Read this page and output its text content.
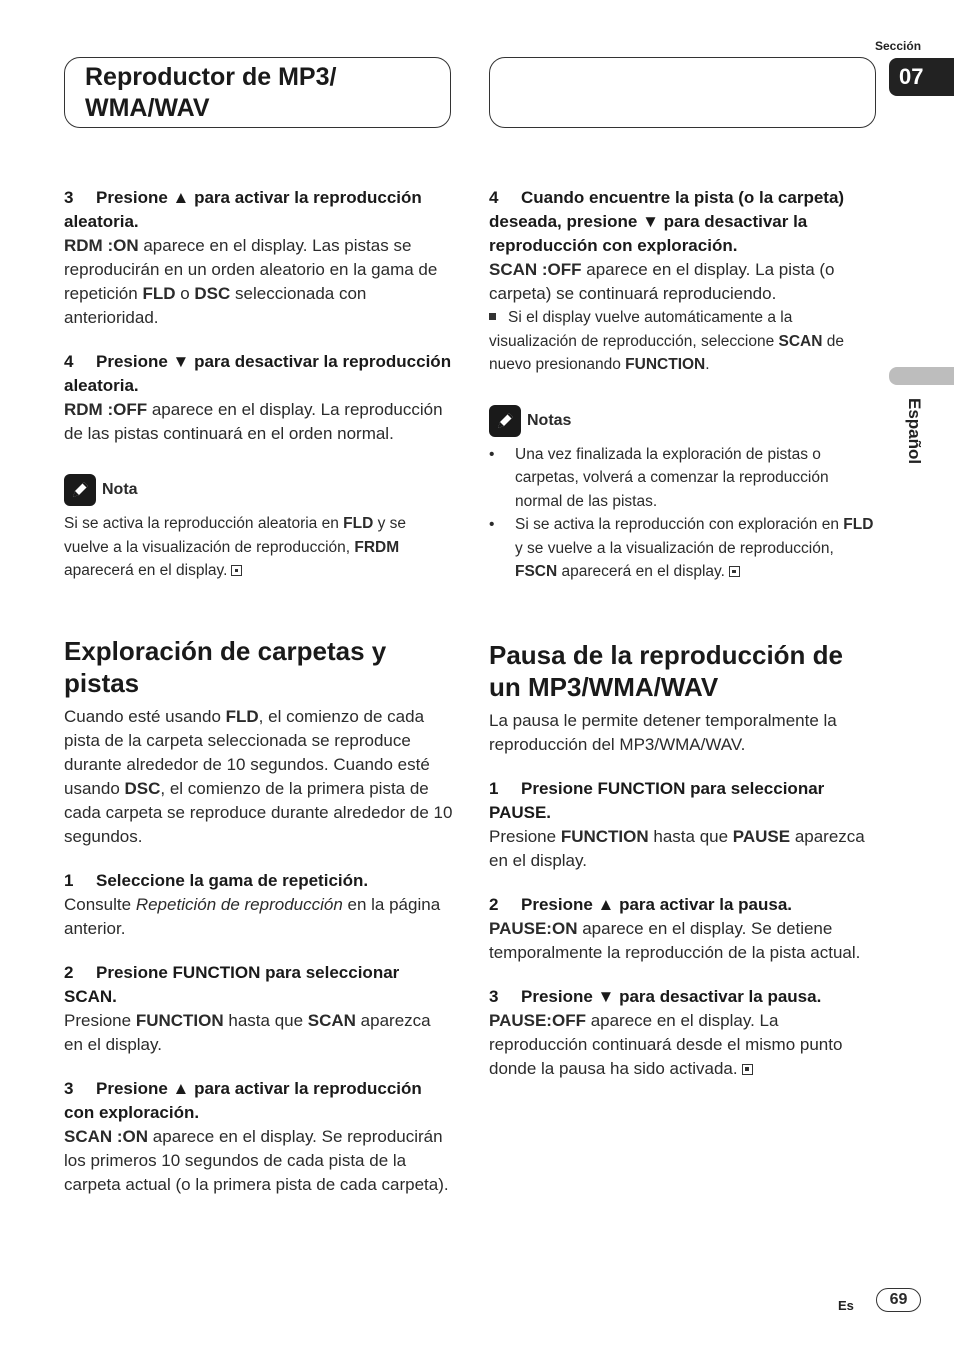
Reproductor de MP3/
WMA/WAV
Sección
07
Español
3 Presione ▲ para activar la reproducción aleatoria.

RDM :ON aparece en el display. Las pistas se reproducirán en un orden aleatorio en la gama de repetición FLD o DSC seleccionada con anterioridad.

4 Presione ▼ para desactivar la reproducción aleatoria.

RDM :OFF aparece en el display. La reproducción de las pistas continuará en el orden normal.

Nota

Si se activa la reproducción aleatoria en FLD y se vuelve a la visualización de reproducción, FRDM aparecerá en el display.

Exploración de carpetas y pistas

Cuando esté usando FLD, el comienzo de cada pista de la carpeta seleccionada se reproduce durante alrededor de 10 segundos. Cuando esté usando DSC, el comienzo de la primera pista de cada carpeta se reproduce durante alrededor de 10 segundos.

1 Seleccione la gama de repetición.

Consulte Repetición de reproducción en la página anterior.

2 Presione FUNCTION para seleccionar SCAN.

Presione FUNCTION hasta que SCAN aparezca en el display.

3 Presione ▲ para activar la reproducción con exploración.

SCAN :ON aparece en el display. Se reproducirán los primeros 10 segundos de cada pista de la carpeta actual (o la primera pista de cada carpeta).

4 Cuando encuentre la pista (o la carpeta) deseada, presione ▼ para desactivar la reproducción con exploración.

SCAN :OFF aparece en el display. La pista (o carpeta) se continuará reproduciendo.

Si el display vuelve automáticamente a la visualización de reproducción, seleccione SCAN de nuevo presionando FUNCTION.

Notas
•	Una vez finalizada la exploración de pistas o carpetas, volverá a comenzar la reproducción normal de las pistas.
•	Si se activa la reproducción con exploración en FLD y se vuelve a la visualización de reproducción, FSCN aparecerá en el display.
Pausa de la reproducción de un MP3/WMA/WAV

La pausa le permite detener temporalmente la reproducción del MP3/WMA/WAV.

1 Presione FUNCTION para seleccionar PAUSE.

Presione FUNCTION hasta que PAUSE aparezca en el display.

2 Presione ▲ para activar la pausa.

PAUSE:ON aparece en el display. Se detiene temporalmente la reproducción de la pista actual.

3 Presione ▼ para desactivar la pausa.

PAUSE:OFF aparece en el display. La reproducción continuará desde el mismo punto donde la pausa ha sido activada.

Es	69
